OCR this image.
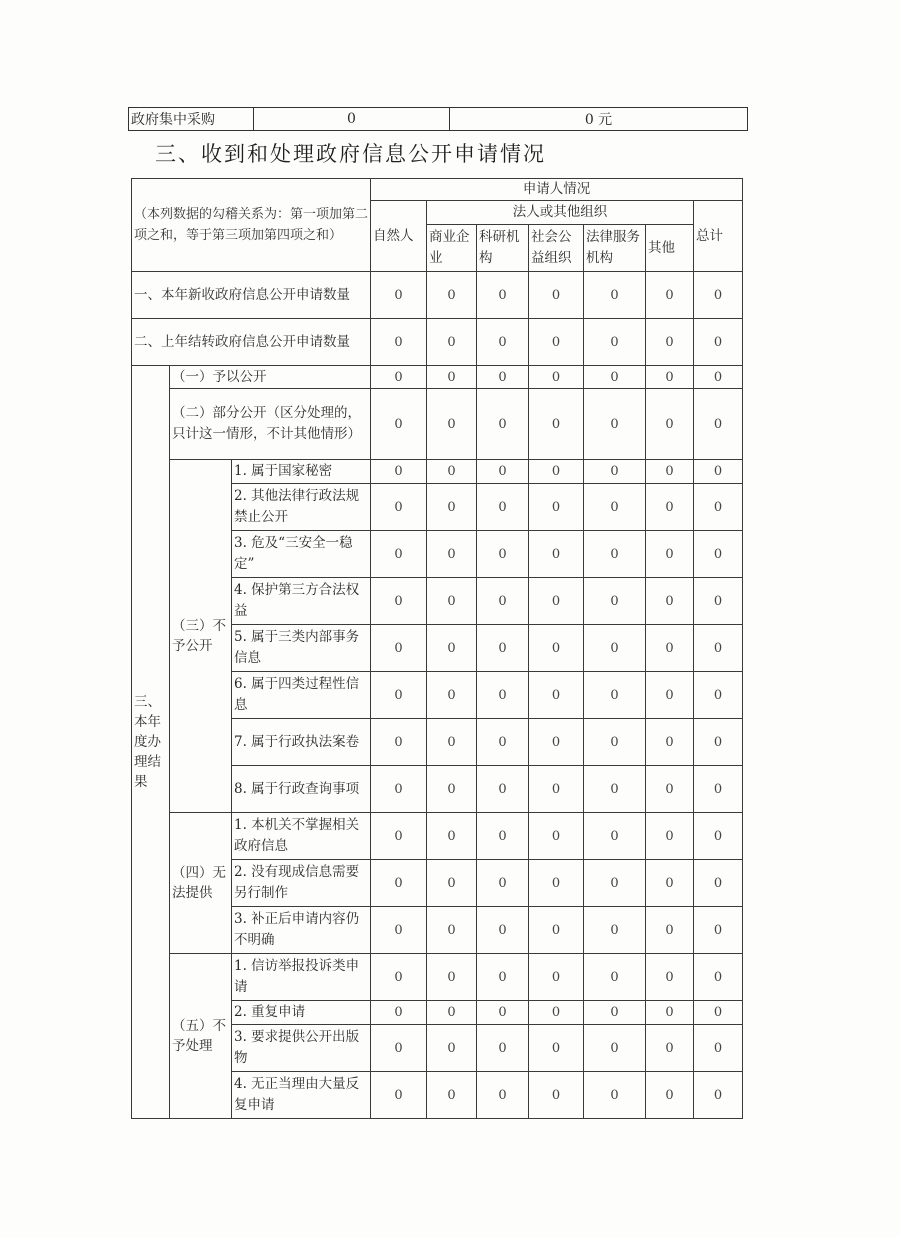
政府集中采购	0	0 元
三、收到和处理政府信息公开申请情况
（本列数据的勾稽关系为：第一项加第二项之和，等于第三项加第四项之和）			申请人情况						
			自然人	法人或其他组织					总计
				商业企业	科研机构	社会公益组织	法律服务机构	其他	
一、本年新收政府信息公开申请数量			0	0	0	0	0	0	0
二、上年结转政府信息公开申请数量			0	0	0	0	0	0	0
三、本年度办理结果	（一）予以公开		0	0	0	0	0	0	0
	（二）部分公开（区分处理的，只计这一情形，不计其他情形）		0	0	0	0	0	0	0
	（三）不予公开	1. 属于国家秘密	0	0	0	0	0	0	0
		2. 其他法律行政法规禁止公开	0	0	0	0	0	0	0
		3. 危及“三安全一稳定”	0	0	0	0	0	0	0
		4. 保护第三方合法权益	0	0	0	0	0	0	0
		5. 属于三类内部事务信息	0	0	0	0	0	0	0
		6. 属于四类过程性信息	0	0	0	0	0	0	0
		7. 属于行政执法案卷	0	0	0	0	0	0	0
		8. 属于行政查询事项	0	0	0	0	0	0	0
	（四）无法提供	1. 本机关不掌握相关政府信息	0	0	0	0	0	0	0
		2. 没有现成信息需要另行制作	0	0	0	0	0	0	0
		3. 补正后申请内容仍不明确	0	0	0	0	0	0	0
	（五）不予处理	1. 信访举报投诉类申请	0	0	0	0	0	0	0
		2. 重复申请	0	0	0	0	0	0	0
		3. 要求提供公开出版物	0	0	0	0	0	0	0
		4. 无正当理由大量反复申请	0	0	0	0	0	0	0
